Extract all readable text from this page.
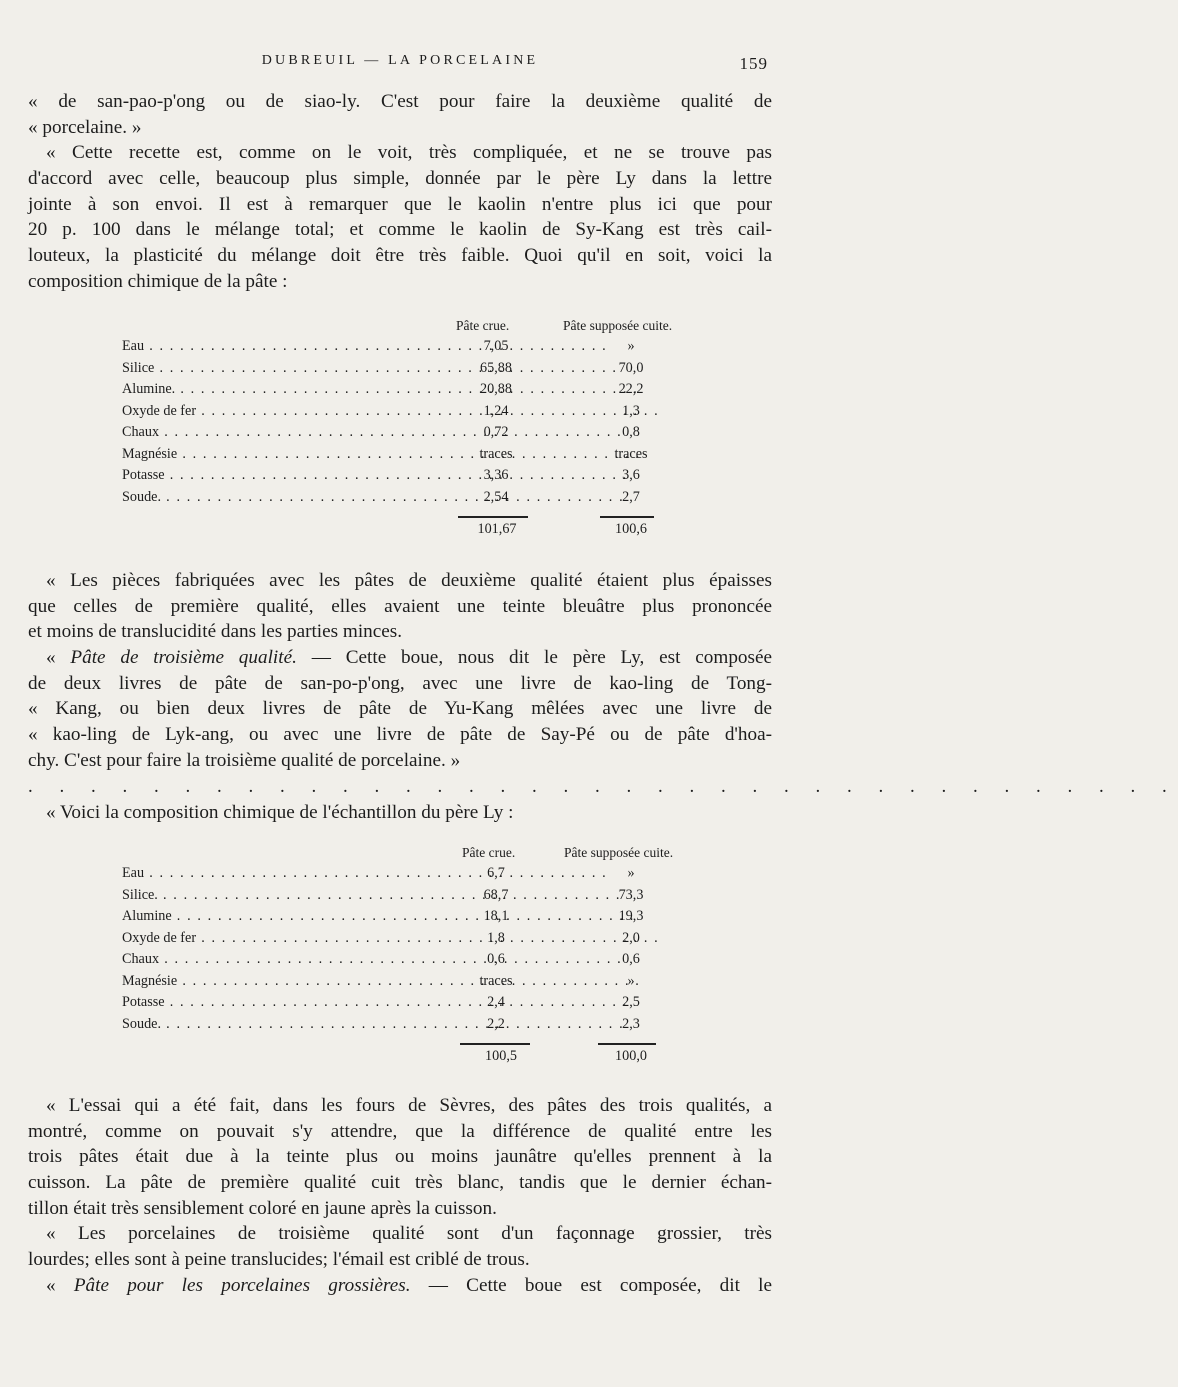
DUBREUIL — LA PORCELAINE	159
« de san-pao-p'ong ou de siao-ly. C'est pour faire la deuxième qualité de
« porcelaine. »
« Cette recette est, comme on le voit, très compliquée, et ne se trouve pas
d'accord avec celle, beaucoup plus simple, donnée par le père Ly dans la lettre
jointe à son envoi. Il est à remarquer que le kaolin n'entre plus ici que pour
20 p. 100 dans le mélange total; et comme le kaolin de Sy-Kang est très cail-
louteux, la plasticité du mélange doit être très faible. Quoi qu'il en soit, voici la
composition chimique de la pâte :
Pâte crue.	Pâte supposée cuite.
Eau . . .	7,05	»
Silice . . .	65,88	70,0
Alumine. . . .	20,88	22,2
Oxyde de fer . . .	1,24	1,3
Chaux . . .	0,72	0,8
Magnésie . . .	traces	traces
Potasse . . .	3,36	3,6
Soude. . . .	2,54	2,7
101,67	100,6
« Les pièces fabriquées avec les pâtes de deuxième qualité étaient plus épaisses
que celles de première qualité, elles avaient une teinte bleuâtre plus prononcée
et moins de translucidité dans les parties minces.
« Pâte de troisième qualité. — Cette boue, nous dit le père Ly, est composée
de deux livres de pâte de san-po-p'ong, avec une livre de kao-ling de Tong-
« Kang, ou bien deux livres de pâte de Yu-Kang mêlées avec une livre de
« kao-ling de Lyk-ang, ou avec une livre de pâte de Say-Pé ou de pâte d'hoa-
chy. C'est pour faire la troisième qualité de porcelaine. »
. . . . . . . . . . . . . . . . . . . . . . . . . . . . . . . . . . . . .
« Voici la composition chimique de l'échantillon du père Ly :
Pâte crue.	Pâte supposée cuite.
Eau . . .	6,7	»
Silice. . . .	68,7	73,3
Alumine . . .	18,1	19,3
Oxyde de fer . . .	1,8	2,0
Chaux . . .	0,6	0,6
Magnésie . . .	traces	»
Potasse . . .	2,4	2,5
Soude. . . .	2,2	2,3
100,5	100,0
« L'essai qui a été fait, dans les fours de Sèvres, des pâtes des trois qualités, a
montré, comme on pouvait s'y attendre, que la différence de qualité entre les
trois pâtes était due à la teinte plus ou moins jaunâtre qu'elles prennent à la
cuisson. La pâte de première qualité cuit très blanc, tandis que le dernier échan-
tillon était très sensiblement coloré en jaune après la cuisson.
« Les porcelaines de troisième qualité sont d'un façonnage grossier, très
lourdes; elles sont à peine translucides; l'émail est criblé de trous.
« Pâte pour les porcelaines grossières. — Cette boue est composée, dit le
